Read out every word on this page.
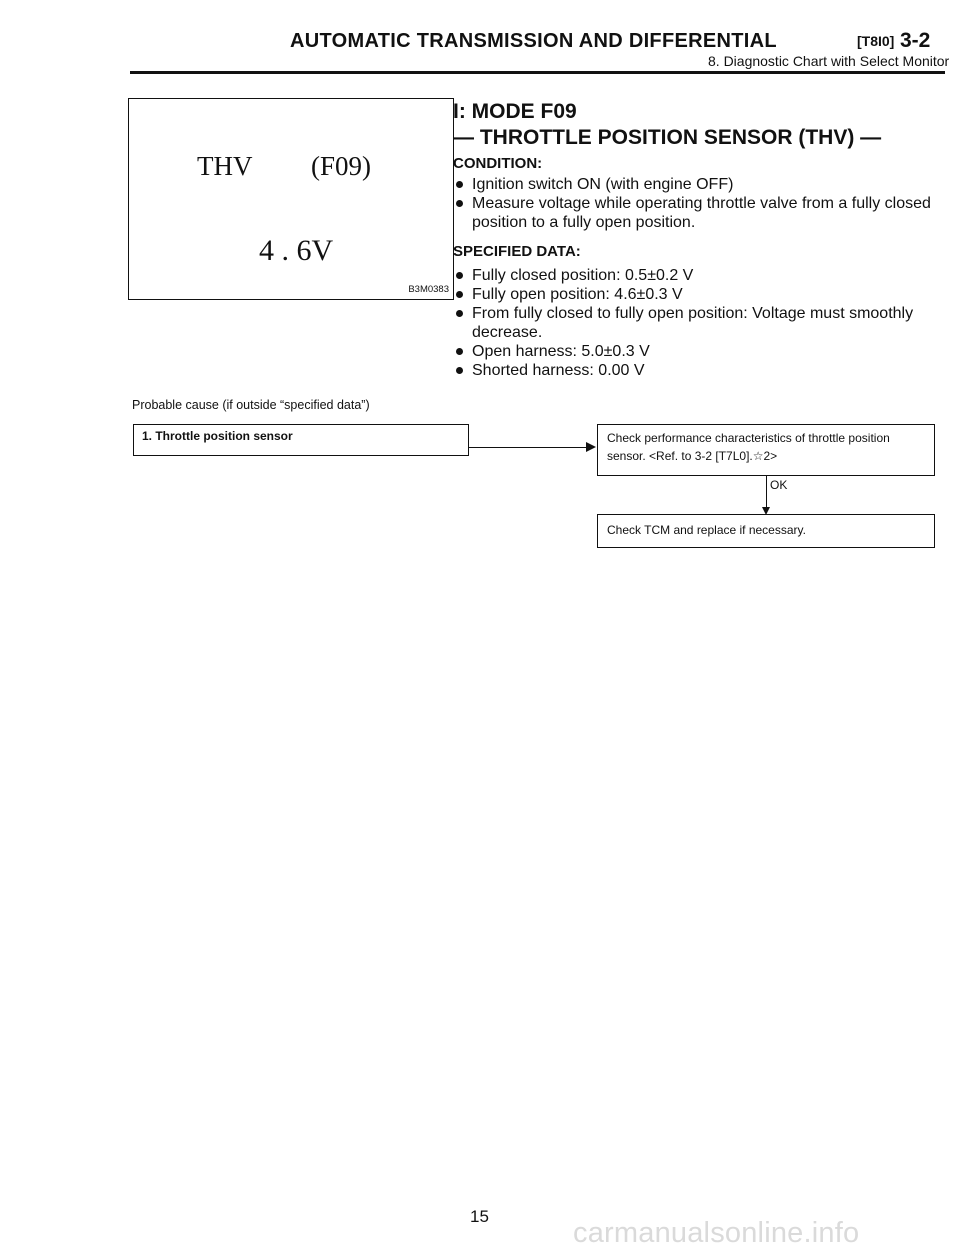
AUTOMATIC TRANSMISSION AND DIFFERENTIAL	[T8I0] 3-2
8. Diagnostic Chart with Select Monitor
THV (F09)
4 . 6V
B3M0383
I: MODE F09
— THROTTLE POSITION SENSOR (THV) —
CONDITION:
Ignition switch ON (with engine OFF)
Measure voltage while operating throttle valve from a fully closed position to a fully open position.
SPECIFIED DATA:
Fully closed position: 0.5±0.2 V
Fully open position: 4.6±0.3 V
From fully closed to fully open position: Voltage must smoothly decrease.
Open harness: 5.0±0.3 V
Shorted harness: 0.00 V
Probable cause (if outside “specified data”)
1. Throttle position sensor	Check performance characteristics of throttle position sensor. <Ref. to 3-2 [T7L0].☆2>
OK
Check TCM and replace if necessary.
15
carmanualsonline.info
